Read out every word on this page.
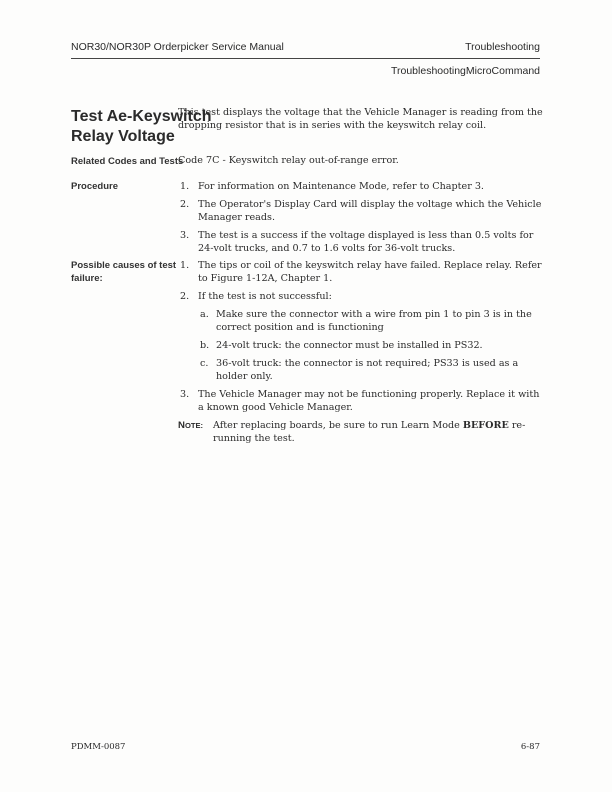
NOR30/NOR30P Orderpicker Service Manual	Troubleshooting
TroubleshootingMicroCommand
Test Ae-Keyswitch
Relay Voltage
This test displays the voltage that the Vehicle Manager is reading from the dropping resistor that is in series with the keyswitch relay coil.
Related Codes and Tests
Code 7C - Keyswitch relay out-of-range error.
Procedure	1. For information on Maintenance Mode, refer to Chapter 3.
2. The Operator's Display Card will display the voltage which the Vehicle Manager reads.
3. The test is a success if the voltage displayed is less than 0.5 volts for 24-volt trucks, and 0.7 to 1.6 volts for 36-volt trucks.
Possible causes of test
failure:
1. The tips or coil of the keyswitch relay have failed. Replace relay. Refer to Figure 1-12A, Chapter 1.
2. If the test is not successful:
a. Make sure the connector with a wire from pin 1 to pin 3 is in the correct position and is functioning
b. 24-volt truck: the connector must be installed in PS32.
c. 36-volt truck: the connector is not required; PS33 is used as a holder only.
3. The Vehicle Manager may not be functioning properly. Replace it with a known good Vehicle Manager.
NOTE: After replacing boards, be sure to run Learn Mode BEFORE re-running the test.
PDMM-0087	6-87
